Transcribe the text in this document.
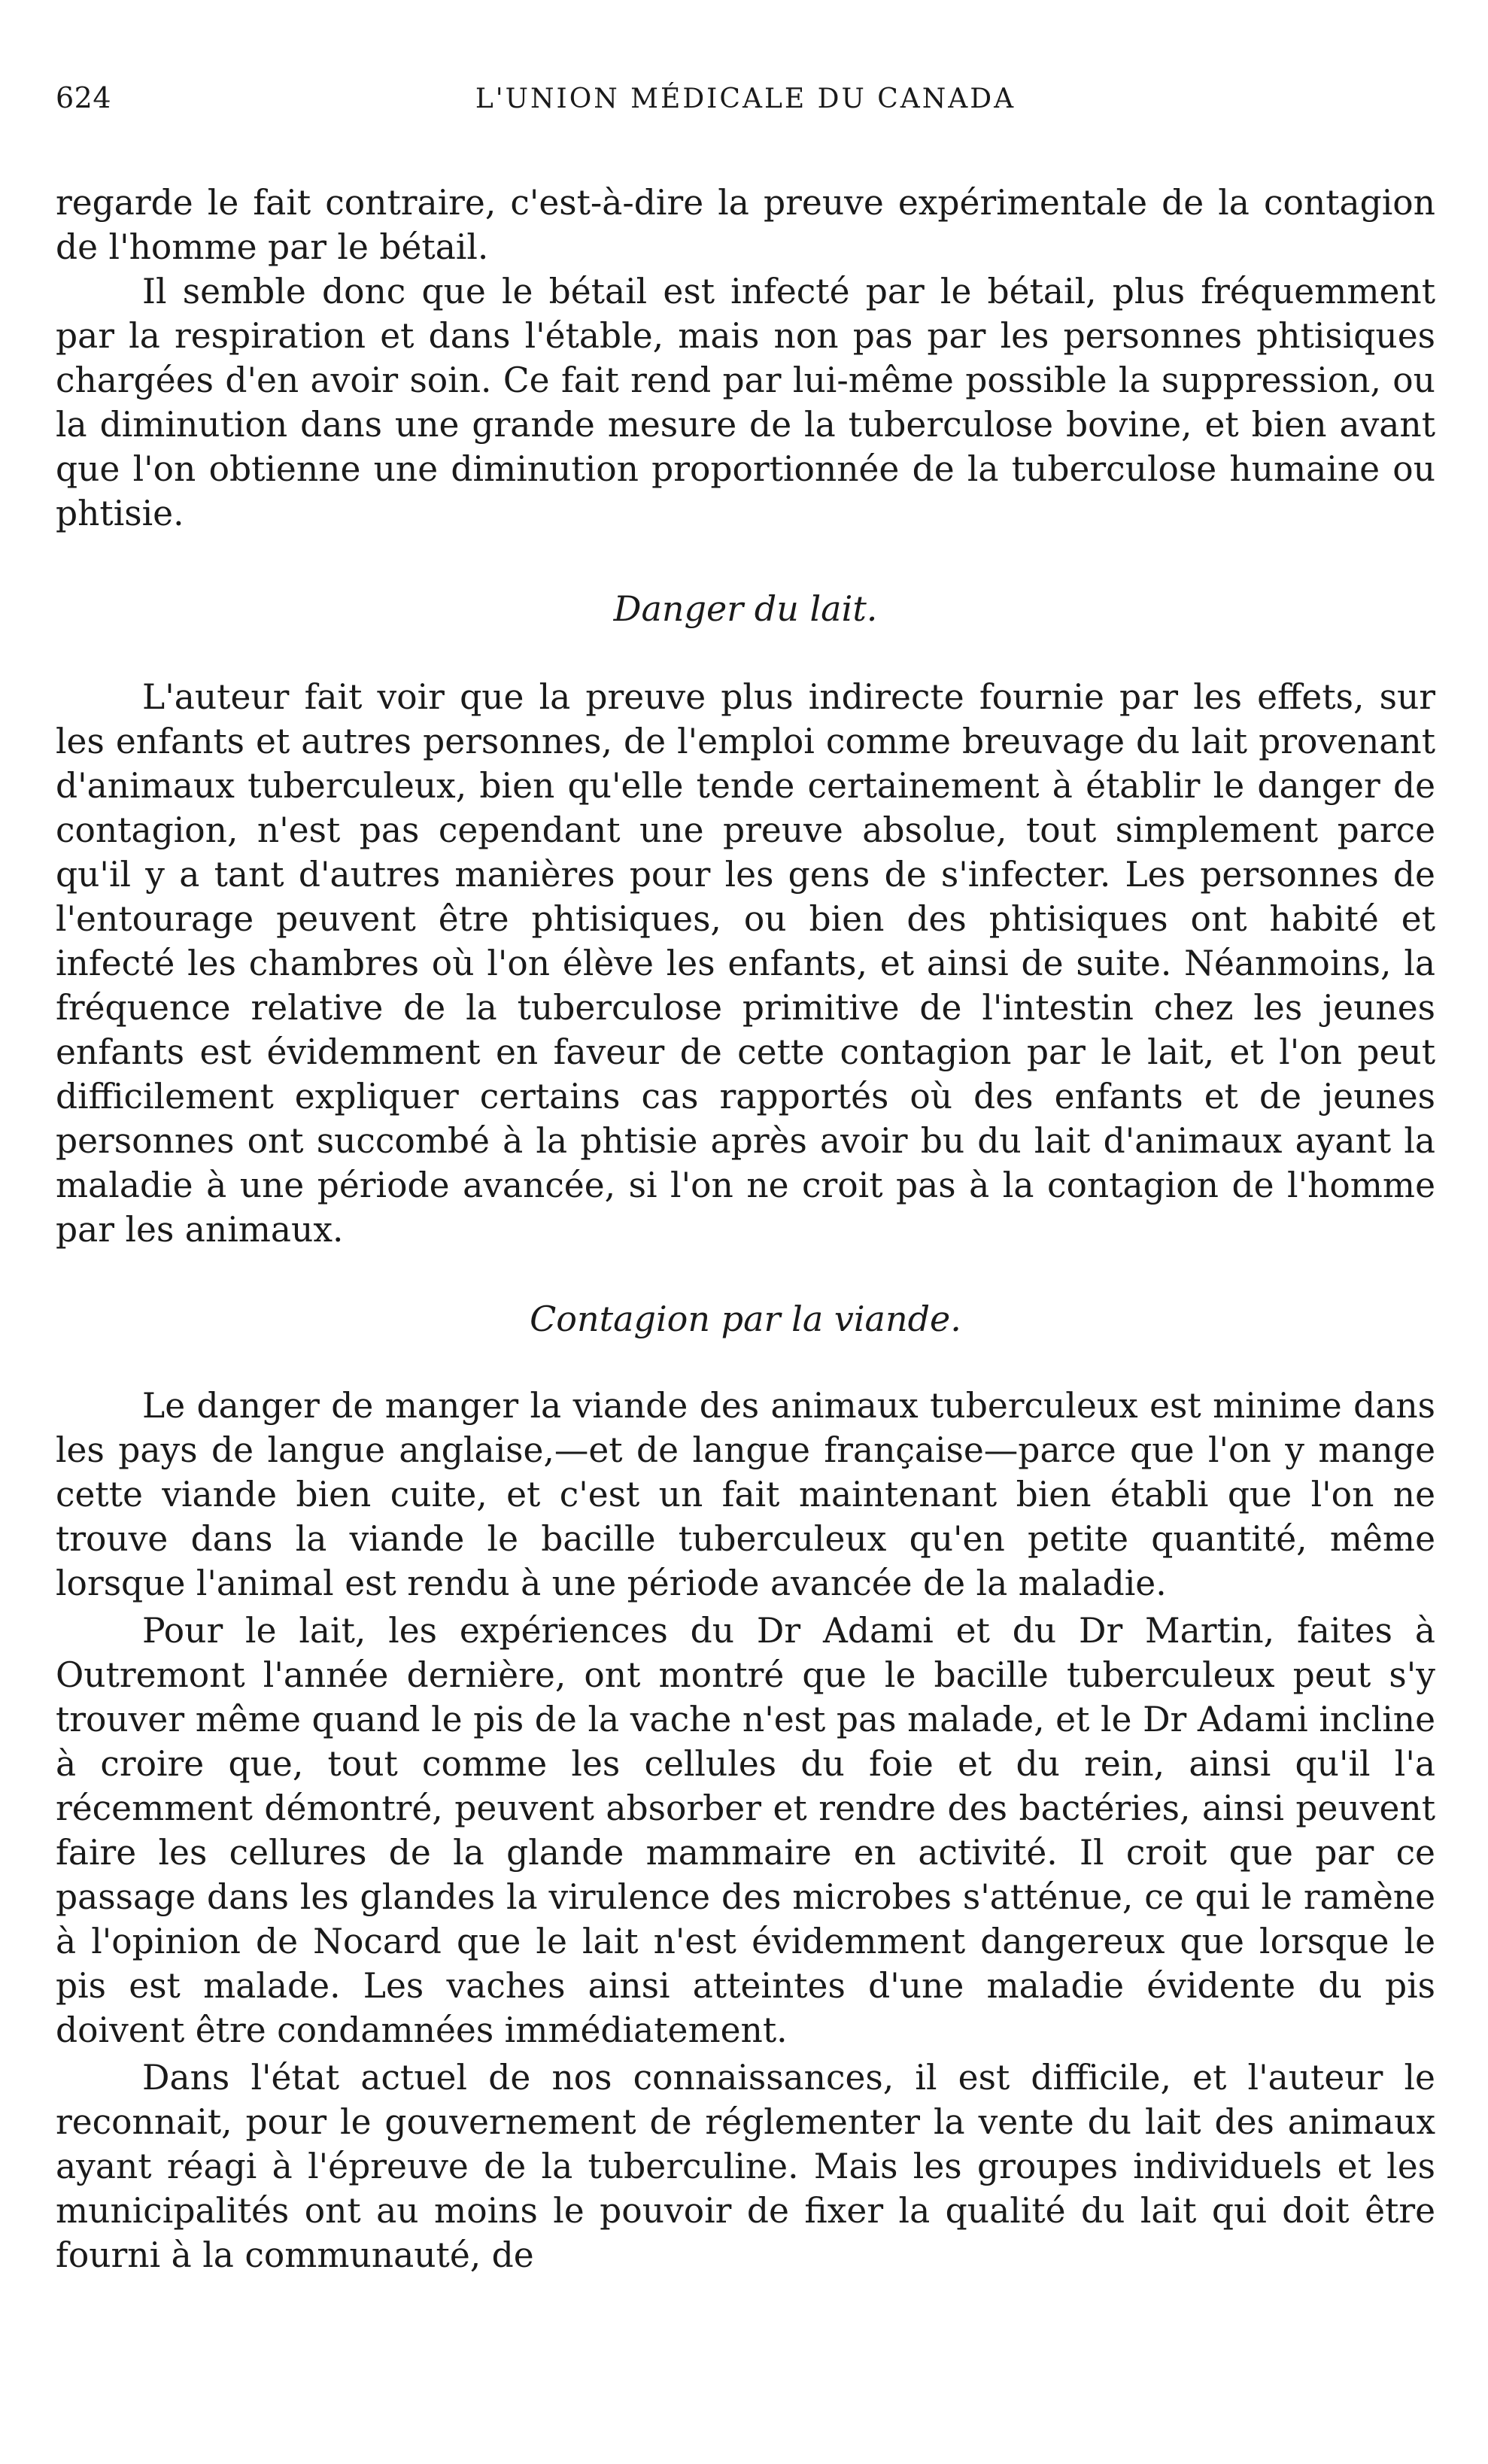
624	L'UNION MÉDICALE DU CANADA

regarde le fait contraire, c'est-à-dire la preuve expérimentale de la contagion de l'homme par le bétail.

Il semble donc que le bétail est infecté par le bétail, plus fréquemment par la respiration et dans l'étable, mais non pas par les personnes phtisiques chargées d'en avoir soin. Ce fait rend par lui-même possible la suppression, ou la diminution dans une grande mesure de la tuberculose bovine, et bien avant que l'on obtienne une diminution proportionnée de la tuberculose humaine ou phtisie.

Danger du lait.

L'auteur fait voir que la preuve plus indirecte fournie par les effets, sur les enfants et autres personnes, de l'emploi comme breuvage du lait provenant d'animaux tuberculeux, bien qu'elle tende certainement à établir le danger de contagion, n'est pas cependant une preuve absolue, tout simplement parce qu'il y a tant d'autres manières pour les gens de s'infecter. Les personnes de l'entourage peuvent être phtisiques, ou bien des phtisiques ont habité et infecté les chambres où l'on élève les enfants, et ainsi de suite. Néanmoins, la fréquence relative de la tuberculose primitive de l'intestin chez les jeunes enfants est évidemment en faveur de cette contagion par le lait, et l'on peut difficilement expliquer certains cas rapportés où des enfants et de jeunes personnes ont succombé à la phtisie après avoir bu du lait d'animaux ayant la maladie à une période avancée, si l'on ne croit pas à la contagion de l'homme par les animaux.

Contagion par la viande.

Le danger de manger la viande des animaux tuberculeux est minime dans les pays de langue anglaise,—et de langue française—parce que l'on y mange cette viande bien cuite, et c'est un fait maintenant bien établi que l'on ne trouve dans la viande le bacille tuberculeux qu'en petite quantité, même lorsque l'animal est rendu à une période avancée de la maladie.

Pour le lait, les expériences du Dr Adami et du Dr Martin, faites à Outremont l'année dernière, ont montré que le bacille tuberculeux peut s'y trouver même quand le pis de la vache n'est pas malade, et le Dr Adami incline à croire que, tout comme les cellules du foie et du rein, ainsi qu'il l'a récemment démontré, peuvent absorber et rendre des bactéries, ainsi peuvent faire les cellures de la glande mammaire en activité. Il croit que par ce passage dans les glandes la virulence des microbes s'atténue, ce qui le ramène à l'opinion de Nocard que le lait n'est évidemment dangereux que lorsque le pis est malade. Les vaches ainsi atteintes d'une maladie évidente du pis doivent être condamnées immédiatement.

Dans l'état actuel de nos connaissances, il est difficile, et l'auteur le reconnait, pour le gouvernement de réglementer la vente du lait des animaux ayant réagi à l'épreuve de la tuberculine. Mais les groupes individuels et les municipalités ont au moins le pouvoir de fixer la qualité du lait qui doit être fourni à la communauté, de
